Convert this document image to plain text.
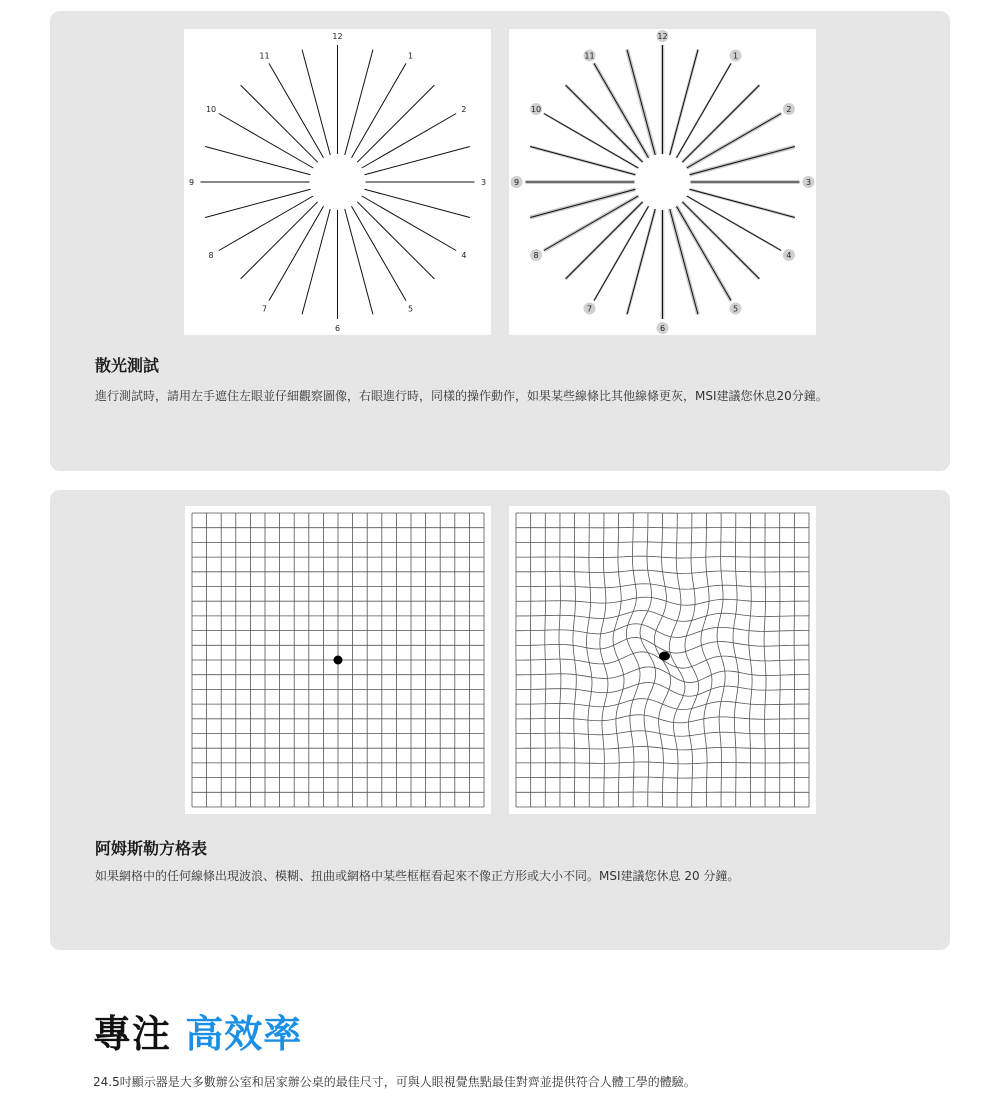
12
1
2
3
4
5
6
7
8
9
10
11
12
1
2
3
4
5
6
7
8
9
10
11
散光測試

進行測試時，請用左手遮住左眼並仔細觀察圖像，右眼進行時，同樣的操作動作，如果某些線條比其他線條更灰，MSI建議您休息20分鐘。

阿姆斯勒方格表

如果網格中的任何線條出現波浪、模糊、扭曲或網格中某些框框看起來不像正方形或大小不同。MSI建議您休息 20 分鐘。

專注 高效率

24.5吋顯示器是大多數辦公室和居家辦公桌的最佳尺寸，可與人眼視覺焦點最佳對齊並提供符合人體工學的體驗。
